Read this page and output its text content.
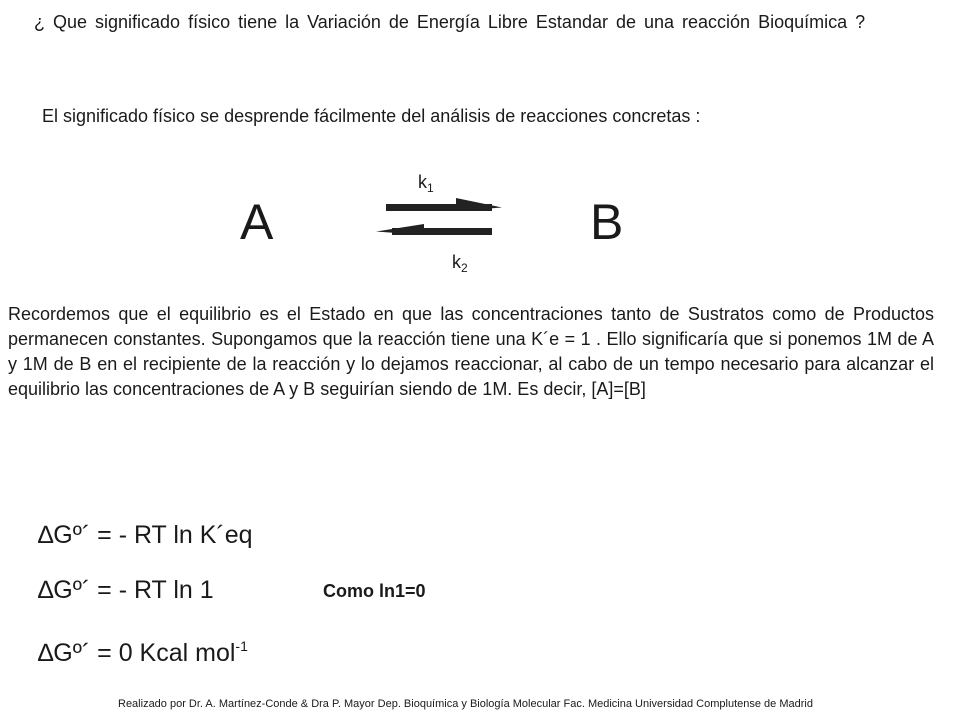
¿ Que significado físico tiene la Variación de Energía Libre Estandar de una reacción Bioquímica ?
El significado físico se desprende fácilmente del análisis de reacciones concretas :
A	B
$k_1$
$k_2$
Recordemos que el equilibrio es el Estado en que las concentraciones tanto de Sustratos como de Productos permanecen constantes. Supongamos que la reacción tiene una K´e = 1 . Ello significaría que si ponemos 1M de A y 1M de B en el recipiente de la reacción y lo dejamos reaccionar, al cabo de un tempo necesario para alcanzar el equilibrio las concentraciones de A y B seguirían siendo de 1M. Es decir, [A]=[B]
∆Gº´ = - RT ln K´eq
∆Gº´ = - RT ln 1
∆Gº´ = 0 Kcal mol$^{-1}$
Como ln1=0
Realizado por Dr. A. Martínez-Conde & Dra P. Mayor Dep. Bioquímica y Biología Molecular Fac. Medicina Universidad Complutense de Madrid
